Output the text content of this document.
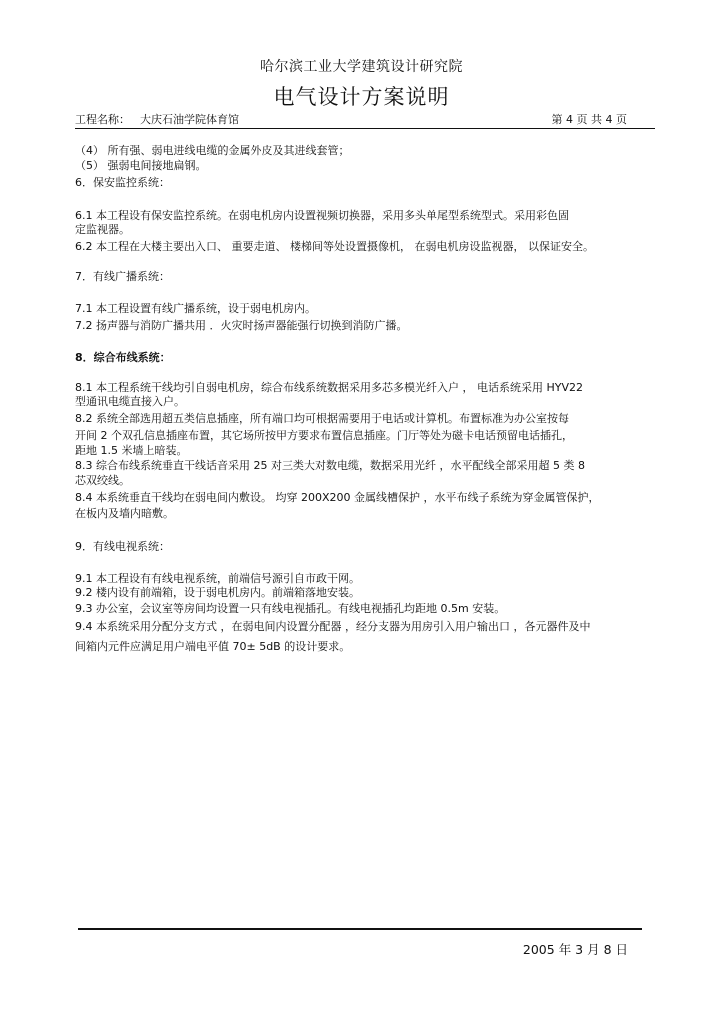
哈尔滨工业大学建筑设计研究院
电气设计方案说明
工程名称： 大庆石油学院体育馆	第 4 页 共 4 页
（4） 所有强、弱电进线电缆的金属外皮及其进线套管；
（5） 强弱电间接地扁钢。
6．保安监控系统：
6.1 本工程设有保安监控系统。在弱电机房内设置视频切换器，采用多头单尾型系统型式。采用彩色固
定监视器。
6.2 本工程在大楼主要出入口、 重要走道、 楼梯间等处设置摄像机， 在弱电机房设监视器， 以保证安全。
7．有线广播系统：
7.1 本工程设置有线广播系统，设于弱电机房内。
7.2 扬声器与消防广播共用 ．火灾时扬声器能强行切换到消防广播。
8．综合布线系统：
8.1 本工程系统干线均引自弱电机房，综合布线系统数据采用多芯多模光纤入户 ， 电话系统采用 HYV22
型通讯电缆直接入户。
8.2 系统全部选用超五类信息插座，所有端口均可根据需要用于电话或计算机。布置标准为办公室按每
开间 2 个双孔信息插座布置，其它场所按甲方要求布置信息插座。门厅等处为磁卡电话预留电话插孔，
距地 1.5 米墙上暗装。
8.3 综合布线系统垂直干线话音采用 25 对三类大对数电缆，数据采用光纤 ，水平配线全部采用超 5 类 8
芯双绞线。
8.4 本系统垂直干线均在弱电间内敷设。 均穿 200X200 金属线槽保护 ，水平布线子系统为穿金属管保护，
在板内及墙内暗敷。
9．有线电视系统：
9.1 本工程设有有线电视系统，前端信号源引自市政干网。
9.2 楼内设有前端箱，设于弱电机房内。前端箱落地安装。
9.3 办公室，会议室等房间均设置一只有线电视插孔。有线电视插孔均距地 0.5m 安装。
9.4 本系统采用分配分支方式 ，在弱电间内设置分配器 ，经分支器为用房引入用户输出口 ，各元器件及中
间箱内元件应满足用户端电平值 70± 5dB 的设计要求。
2005 年 3 月 8 日
